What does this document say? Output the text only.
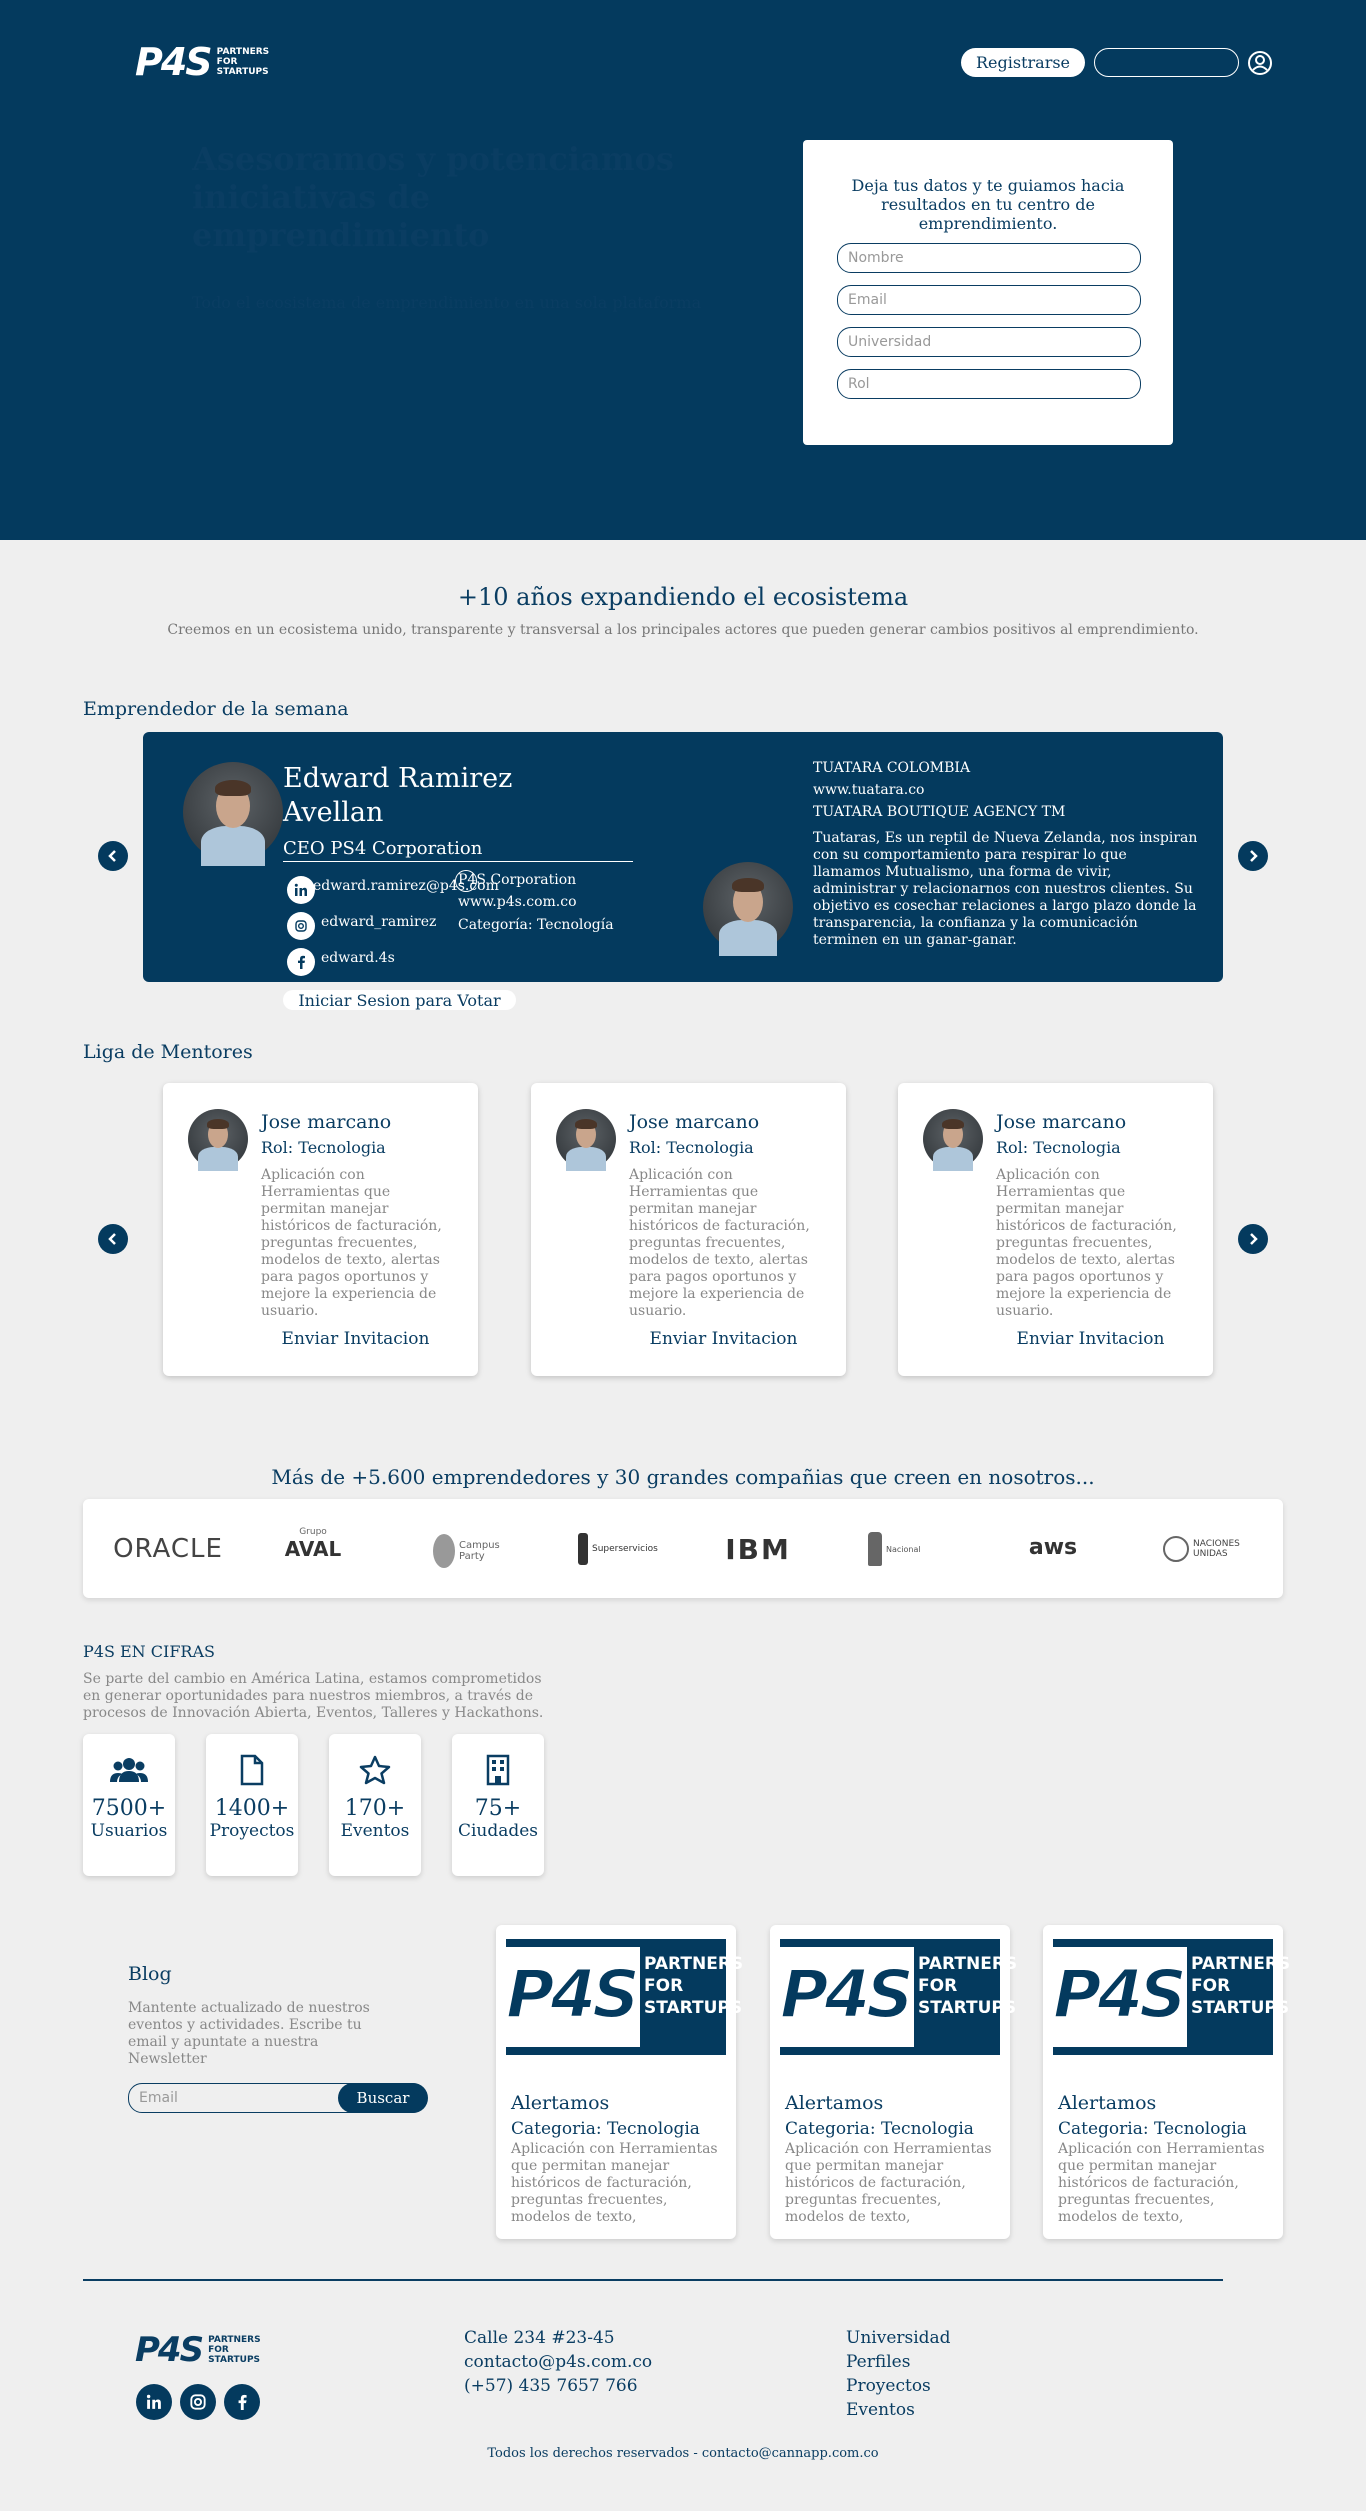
P4S PARTNERS
FOR
STARTUPS	Registrarse
Asesoramos y potenciamos
iniciativas de
emprendimiento
Todo el ecosistema de emprendimiento en una sola plataforma
Deja tus datos y te guiamos hacia resultados en tu centro de emprendimiento.
Nombre
Email
Universidad
Rol
+10 años expandiendo el ecosistema
Creemos en un ecosistema unido, transparente y transversal a los principales actores que pueden generar cambios positivos al emprendimiento.
Emprendedor de la semana
Edward Ramirez
Avellan
CEO PS4 Corporation
edward.ramirez@p4s.com
edward_ramirez
edward.4s
P4S Corporation
www.p4s.com.co
Categoría: Tecnología
TUATARA COLOMBIA
www.tuatara.co
TUATARA BOUTIQUE AGENCY TM
Tuataras, Es un reptil de Nueva Zelanda, nos inspiran con su comportamiento para respirar lo que llamamos Mutualismo, una forma de vivir, administrar y relacionarnos con nuestros clientes. Su objetivo es cosechar relaciones a largo plazo donde la transparencia, la confianza y la comunicación terminen en un ganar-ganar.
Iniciar Sesion para Votar
Liga de Mentores
Jose marcano
Rol: Tecnologia
Aplicación con Herramientas que permitan manejar históricos de facturación, preguntas frecuentes, modelos de texto, alertas para pagos oportunos y mejore la experiencia de usuario.
Enviar Invitacion
Jose marcano
Rol: Tecnologia
Aplicación con Herramientas que permitan manejar históricos de facturación, preguntas frecuentes, modelos de texto, alertas para pagos oportunos y mejore la experiencia de usuario.
Enviar Invitacion
Jose marcano
Rol: Tecnologia
Aplicación con Herramientas que permitan manejar históricos de facturación, preguntas frecuentes, modelos de texto, alertas para pagos oportunos y mejore la experiencia de usuario.
Enviar Invitacion
Más de +5.600 emprendedores y 30 grandes compañias que creen en nosotros...
ORACLE
Grupo
AVAL	Campus Party
Superservicios IBM	Nacional	aws	NACIONES UNIDAS
P4S EN CIFRAS
Se parte del cambio en América Latina, estamos comprometidos en generar oportunidades para nuestros miembros, a través de procesos de Innovación Abierta, Eventos, Talleres y Hackathons.
7500+
Usuarios
1400+
Proyectos
170+
Eventos
75+
Ciudades
Blog
Mantente actualizado de nuestros eventos y actividades. Escribe tu email y apuntate a nuestra Newsletter
Email	Buscar
P4S PARTNERS
FOR
STARTUPS
P4S.CO
Alertamos
Categoria: Tecnologia
Aplicación con Herramientas que permitan manejar históricos de facturación, preguntas frecuentes, modelos de texto,
P4S PARTNERS
FOR
STARTUPS
P4S.CO
Alertamos
Categoria: Tecnologia
Aplicación con Herramientas que permitan manejar históricos de facturación, preguntas frecuentes, modelos de texto,
P4S PARTNERS
FOR
STARTUPS
P4S.CO
Alertamos
Categoria: Tecnologia
Aplicación con Herramientas que permitan manejar históricos de facturación, preguntas frecuentes, modelos de texto,
P4S PARTNERS
FOR
STARTUPS
Calle 234 #23-45
contacto@p4s.com.co
(+57) 435 7657 766
Universidad
Perfiles
Proyectos
Eventos
Todos los derechos reservados - contacto@cannapp.com.co
